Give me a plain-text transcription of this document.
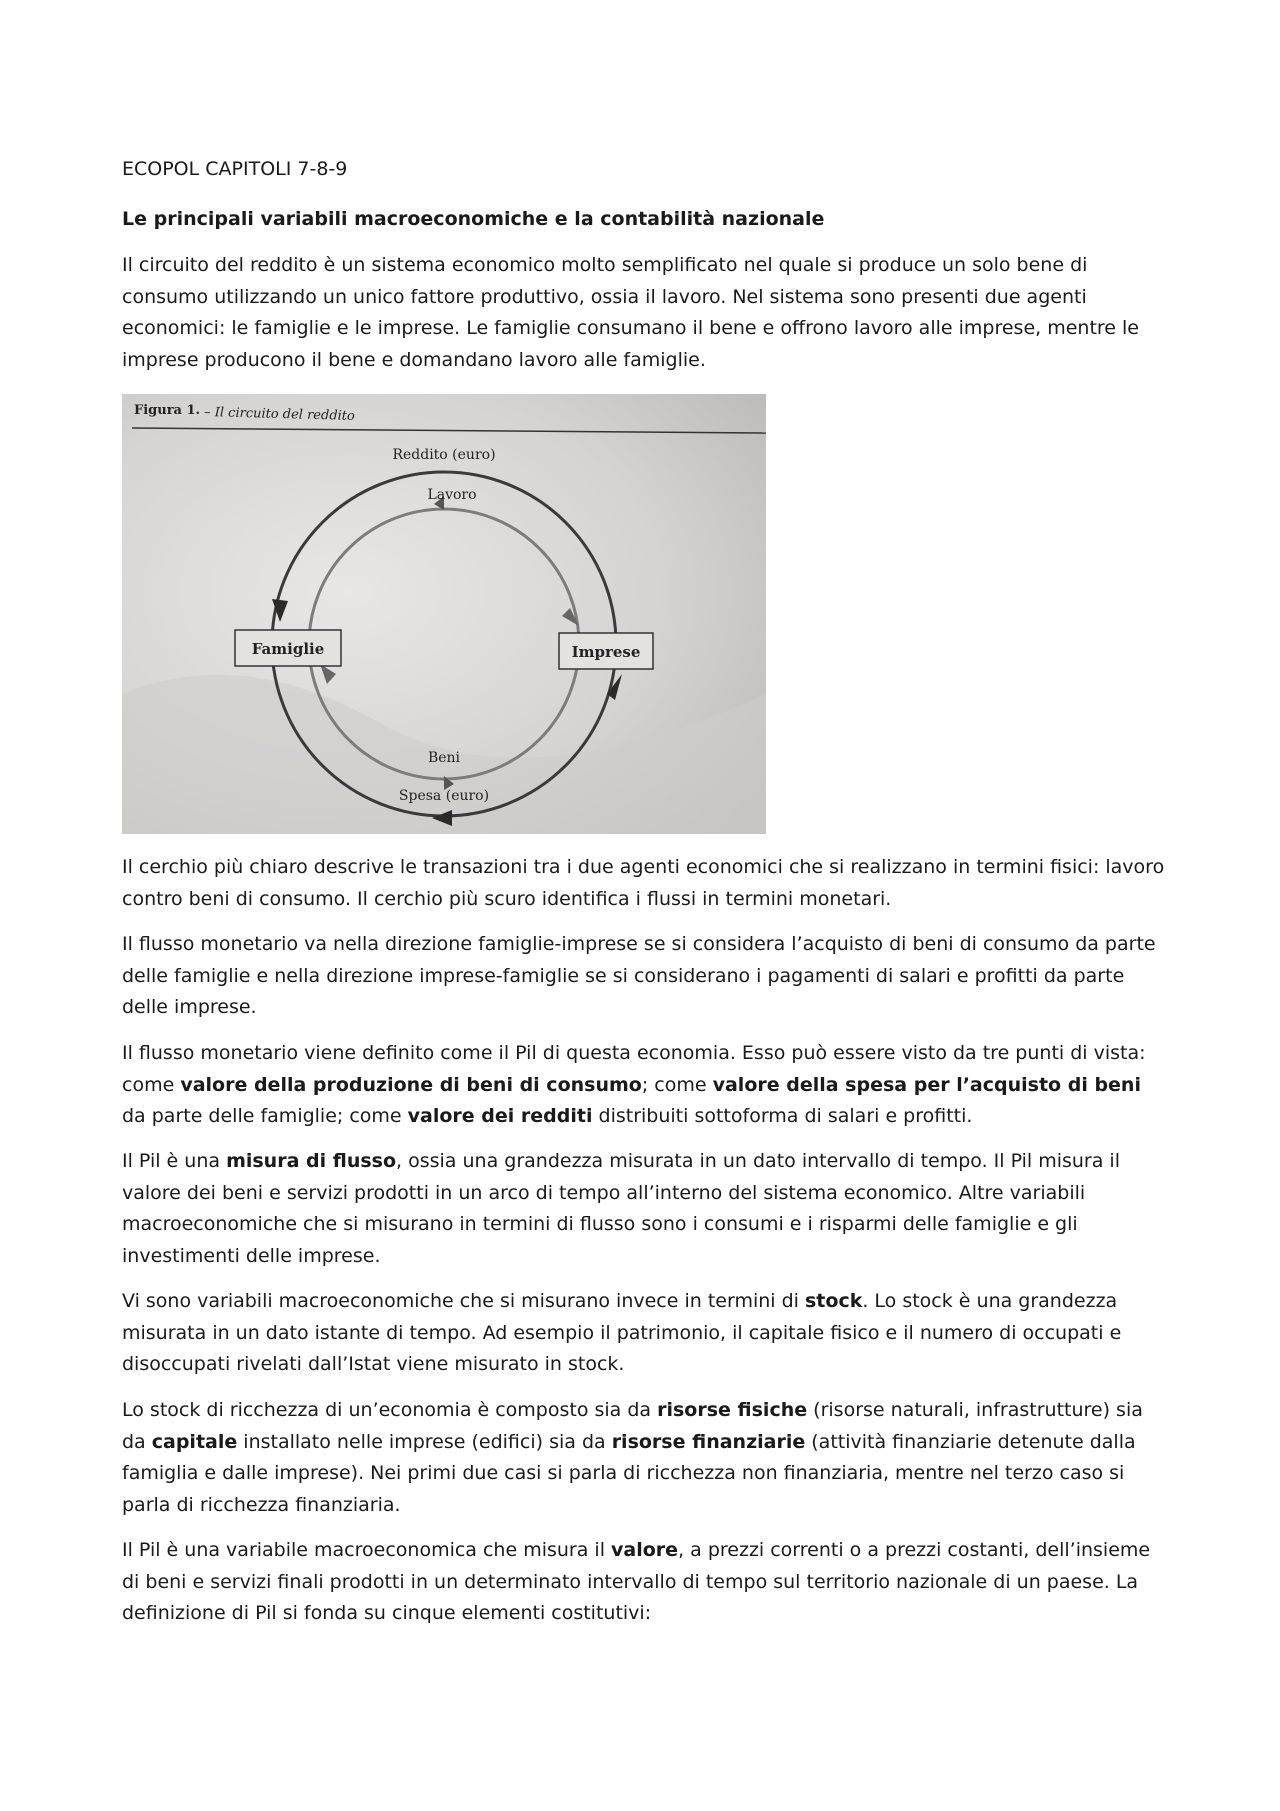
ECOPOL CAPITOLI 7-8-9
Le principali variabili macroeconomiche e la contabilità nazionale

Il circuito del reddito è un sistema economico molto semplificato nel quale si produce un solo bene di consumo utilizzando un unico fattore produttivo, ossia il lavoro. Nel sistema sono presenti due agenti economici: le famiglie e le imprese. Le famiglie consumano il bene e offrono lavoro alle imprese, mentre le imprese producono il bene e domandano lavoro alle famiglie.

Figura 1. – Il circuito del reddito
Reddito (euro)
Lavoro
Beni
Spesa (euro)
Famiglie	Imprese

Il cerchio più chiaro descrive le transazioni tra i due agenti economici che si realizzano in termini fisici: lavoro contro beni di consumo. Il cerchio più scuro identifica i flussi in termini monetari.

Il flusso monetario va nella direzione famiglie-imprese se si considera l’acquisto di beni di consumo da parte delle famiglie e nella direzione imprese-famiglie se si considerano i pagamenti di salari e profitti da parte delle imprese.

Il flusso monetario viene definito come il Pil di questa economia. Esso può essere visto da tre punti di vista: come valore della produzione di beni di consumo; come valore della spesa per l’acquisto di beni da parte delle famiglie; come valore dei redditi distribuiti sottoforma di salari e profitti.

Il Pil è una misura di flusso, ossia una grandezza misurata in un dato intervallo di tempo. Il Pil misura il valore dei beni e servizi prodotti in un arco di tempo all’interno del sistema economico. Altre variabili macroeconomiche che si misurano in termini di flusso sono i consumi e i risparmi delle famiglie e gli investimenti delle imprese.

Vi sono variabili macroeconomiche che si misurano invece in termini di stock. Lo stock è una grandezza misurata in un dato istante di tempo. Ad esempio il patrimonio, il capitale fisico e il numero di occupati e disoccupati rivelati dall’Istat viene misurato in stock.

Lo stock di ricchezza di un’economia è composto sia da risorse fisiche (risorse naturali, infrastrutture) sia da capitale installato nelle imprese (edifici) sia da risorse finanziarie (attività finanziarie detenute dalla famiglia e dalle imprese). Nei primi due casi si parla di ricchezza non finanziaria, mentre nel terzo caso si parla di ricchezza finanziaria.

Il Pil è una variabile macroeconomica che misura il valore, a prezzi correnti o a prezzi costanti, dell’insieme di beni e servizi finali prodotti in un determinato intervallo di tempo sul territorio nazionale di un paese. La definizione di Pil si fonda su cinque elementi costitutivi:
